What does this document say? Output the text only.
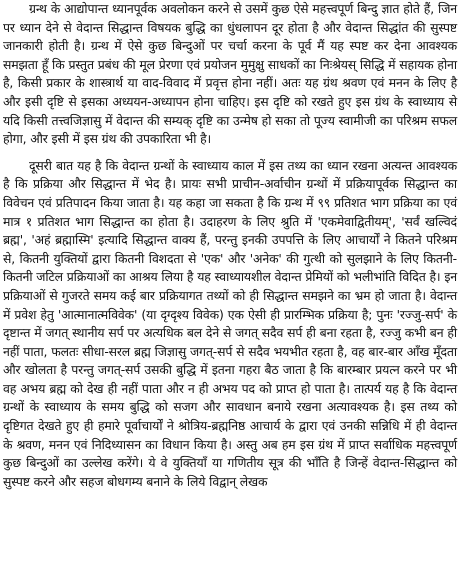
ग्रन्थ के आद्योपान्त ध्यानपूर्वक अवलोकन करने से उसमें कुछ ऐसे महत्त्वपूर्ण बिन्दु ज्ञात होते हैं, जिन पर ध्यान देने से वेदान्त सिद्धान्त विषयक बुद्धि का धुंधलापन दूर होता है और वेदान्त सिद्धांत की सुस्पष्ट जानकारी होती है। ग्रन्थ में ऐसे कुछ बिन्दुओं पर चर्चा करना के पूर्व मैं यह स्पष्ट कर देना आवश्यक समझता हूँ कि प्रस्तुत प्रबंध की मूल प्रेरणा एवं प्रयोजन मुमुक्षु साधकों का निःश्रेयस् सिद्धि में सहायक होना है, किसी प्रकार के शास्त्रार्थ या वाद-विवाद में प्रवृत्त होना नहीं। अतः यह ग्रंथ श्रवण एवं मनन के लिए है और इसी दृष्टि से इसका अध्ययन-अध्यापन होना चाहिए। इस दृष्टि को रखते हुए इस ग्रंथ के स्वाध्याय से यदि किसी तत्त्वजिज्ञासु में वेदान्त की सम्यक् दृष्टि का उन्मेष हो सका तो पूज्य स्वामीजी का परिश्रम सफल होगा, और इसी में इस ग्रंथ की उपकारिता भी है।

दूसरी बात यह है कि वेदान्त ग्रन्थों के स्वाध्याय काल में इस तथ्य का ध्यान रखना अत्यन्त आवश्यक है कि प्रक्रिया और सिद्धान्त में भेद है। प्रायः सभी प्राचीन-अर्वाचीन ग्रन्थों में प्रक्रियापूर्वक सिद्धान्त का विवेचन एवं प्रतिपादन किया जाता है। यह कहा जा सकता है कि ग्रन्थ में ९९ प्रतिशत भाग प्रक्रिया का एवं मात्र १ प्रतिशत भाग सिद्धान्त का होता है। उदाहरण के लिए श्रुति में 'एकमेवाद्वितीयम्', 'सर्वं खल्विदं ब्रह्म', 'अहं ब्रह्मास्मि' इत्यादि सिद्धान्त वाक्य हैं, परन्तु इनकी उपपत्ति के लिए आचार्यों ने कितने परिश्रम से, कितनी युक्तियों द्वारा कितनी विशदता से 'एक' और 'अनेक' की गुत्थी को सुलझाने के लिए कितनी-कितनी जटिल प्रक्रियाओं का आश्रय लिया है यह स्वाध्यायशील वेदान्त प्रेमियों को भलीभांति विदित है। इन प्रक्रियाओं से गुजरते समय कई बार प्रक्रियागत तथ्यों को ही सिद्धान्त समझने का भ्रम हो जाता है। वेदान्त में प्रवेश हेतु 'आत्मानात्मविवेक' (या दृग्दृश्य विवेक) एक ऐसी ही प्रारम्भिक प्रक्रिया है; पुनः 'रज्जु-सर्प' के दृष्टान्त में जगत् स्थानीय सर्प पर अत्यधिक बल देने से जगत् सदैव सर्प ही बना रहता है, रज्जु कभी बन ही नहीं पाता, फलतः सीधा-सरल ब्रह्म जिज्ञासु जगत्-सर्प से सदैव भयभीत रहता है, वह बार-बार आँख मूँदता और खोलता है परन्तु जगत्-सर्प उसकी बुद्धि में इतना गहरा बैठ जाता है कि बारम्बार प्रयत्न करने पर भी वह अभय ब्रह्म को देख ही नहीं पाता और न ही अभय पद को प्राप्त हो पाता है। तात्पर्य यह है कि वेदान्त ग्रन्थों के स्वाध्याय के समय बुद्धि को सजग और सावधान बनाये रखना अत्यावश्यक है। इस तथ्य को दृष्टिगत देखते हुए ही हमारे पूर्वाचार्यों ने श्रोत्रिय-ब्रह्मनिष्ठ आचार्य के द्वारा एवं उनकी सन्निधि में ही वेदान्त के श्रवण, मनन एवं निदिध्यासन का विधान किया है। अस्तु अब हम इस ग्रंथ में प्राप्त सर्वाधिक महत्त्वपूर्ण कुछ बिन्दुओं का उल्लेख करेंगे। ये वे युक्तियाँ या गणितीय सूत्र की भाँति है जिन्हें वेदान्त-सिद्धान्त को सुस्पष्ट करने और सहज बोधगम्य बनाने के लिये विद्वान् लेखक
